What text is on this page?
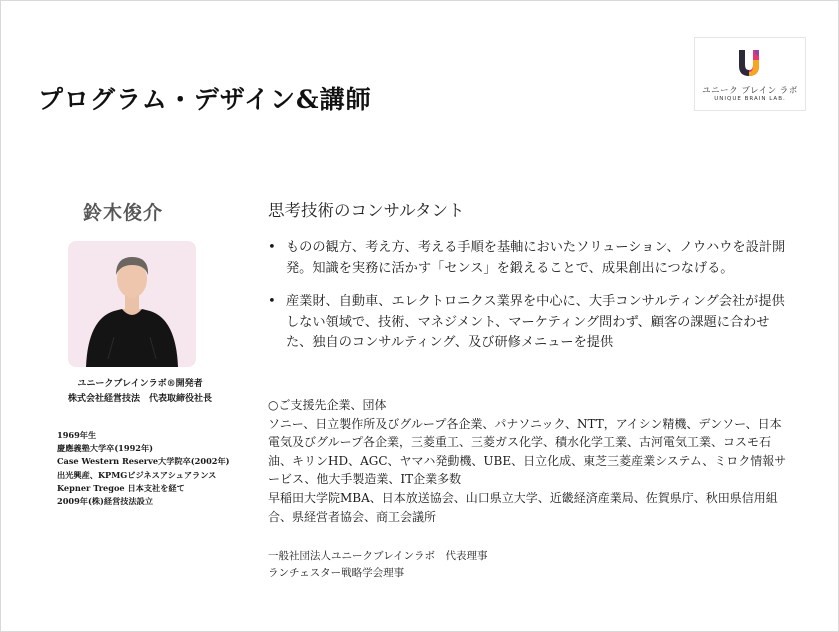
プログラム・デザイン&講師	ユニーク ブレイン ラボ
UNIQUE BRAIN LAB.
鈴木俊介
ユニークブレインラボ®開発者
株式会社経営技法　代表取締役社長
1969年生
慶應義塾大学卒(1992年)
Case Western Reserve大学院卒(2002年)
出光興産、KPMGビジネスアシュアランス
Kepner Tregoe 日本支社を経て
2009年(株)経営技法設立
思考技術のコンサルタント
• ものの観方、考え方、考える手順を基軸においたソリューション、ノウハウを設計開発。知識を実務に活かす「センス」を鍛えることで、成果創出につなげる。
• 産業財、自動車、エレクトロニクス業界を中心に、大手コンサルティング会社が提供しない領域で、技術、マネジメント、マーケティング問わず、顧客の課題に合わせた、独自のコンサルティング、及び研修メニューを提供
○ご支援先企業、団体
ソニー、日立製作所及びグループ各企業、パナソニック、NTT，アイシン精機、デンソー、日本電気及びグループ各企業，三菱重工、三菱ガス化学、積水化学工業、古河電気工業、コスモ石油、キリンHD、AGC、ヤマハ発動機、UBE、日立化成、東芝三菱産業システム、ミロク情報サービス、他大手製造業、IT企業多数
早稲田大学院MBA、日本放送協会、山口県立大学、近畿経済産業局、佐賀県庁、秋田県信用組合、県経営者協会、商工会議所
一般社団法人ユニークブレインラボ　代表理事
ランチェスター戦略学会理事
